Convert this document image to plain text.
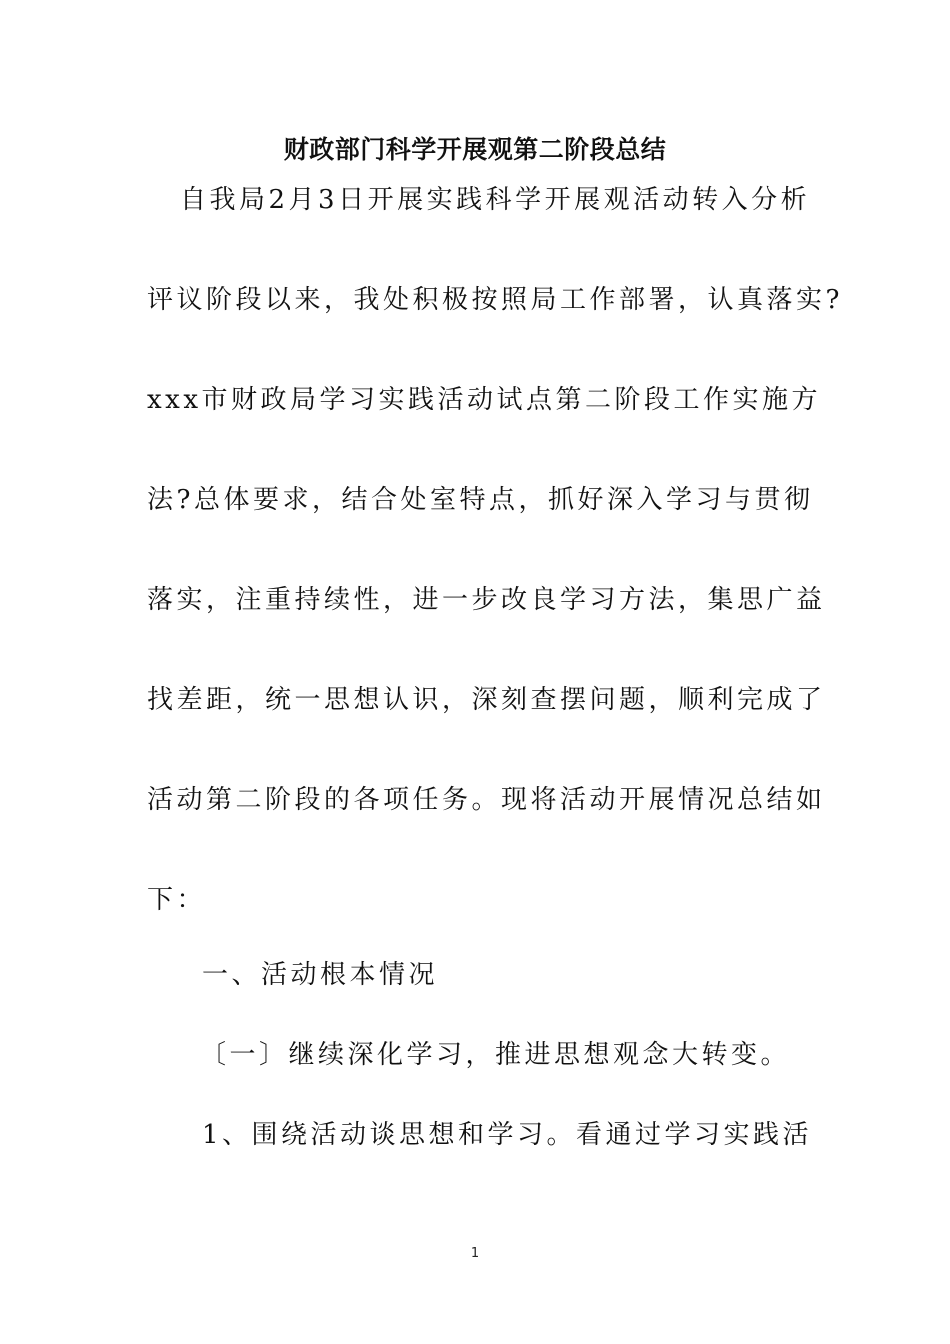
财政部门科学开展观第二阶段总结
自我局2月3日开展实践科学开展观活动转入分析
评议阶段以来，我处积极按照局工作部署，认真落实?
xxx市财政局学习实践活动试点第二阶段工作实施方
法?总体要求，结合处室特点，抓好深入学习与贯彻
落实，注重持续性，进一步改良学习方法，集思广益
找差距，统一思想认识，深刻查摆问题，顺利完成了
活动第二阶段的各项任务。现将活动开展情况总结如
下：
一、活动根本情况
〔一〕继续深化学习，推进思想观念大转变。
1、围绕活动谈思想和学习。看通过学习实践活
1
